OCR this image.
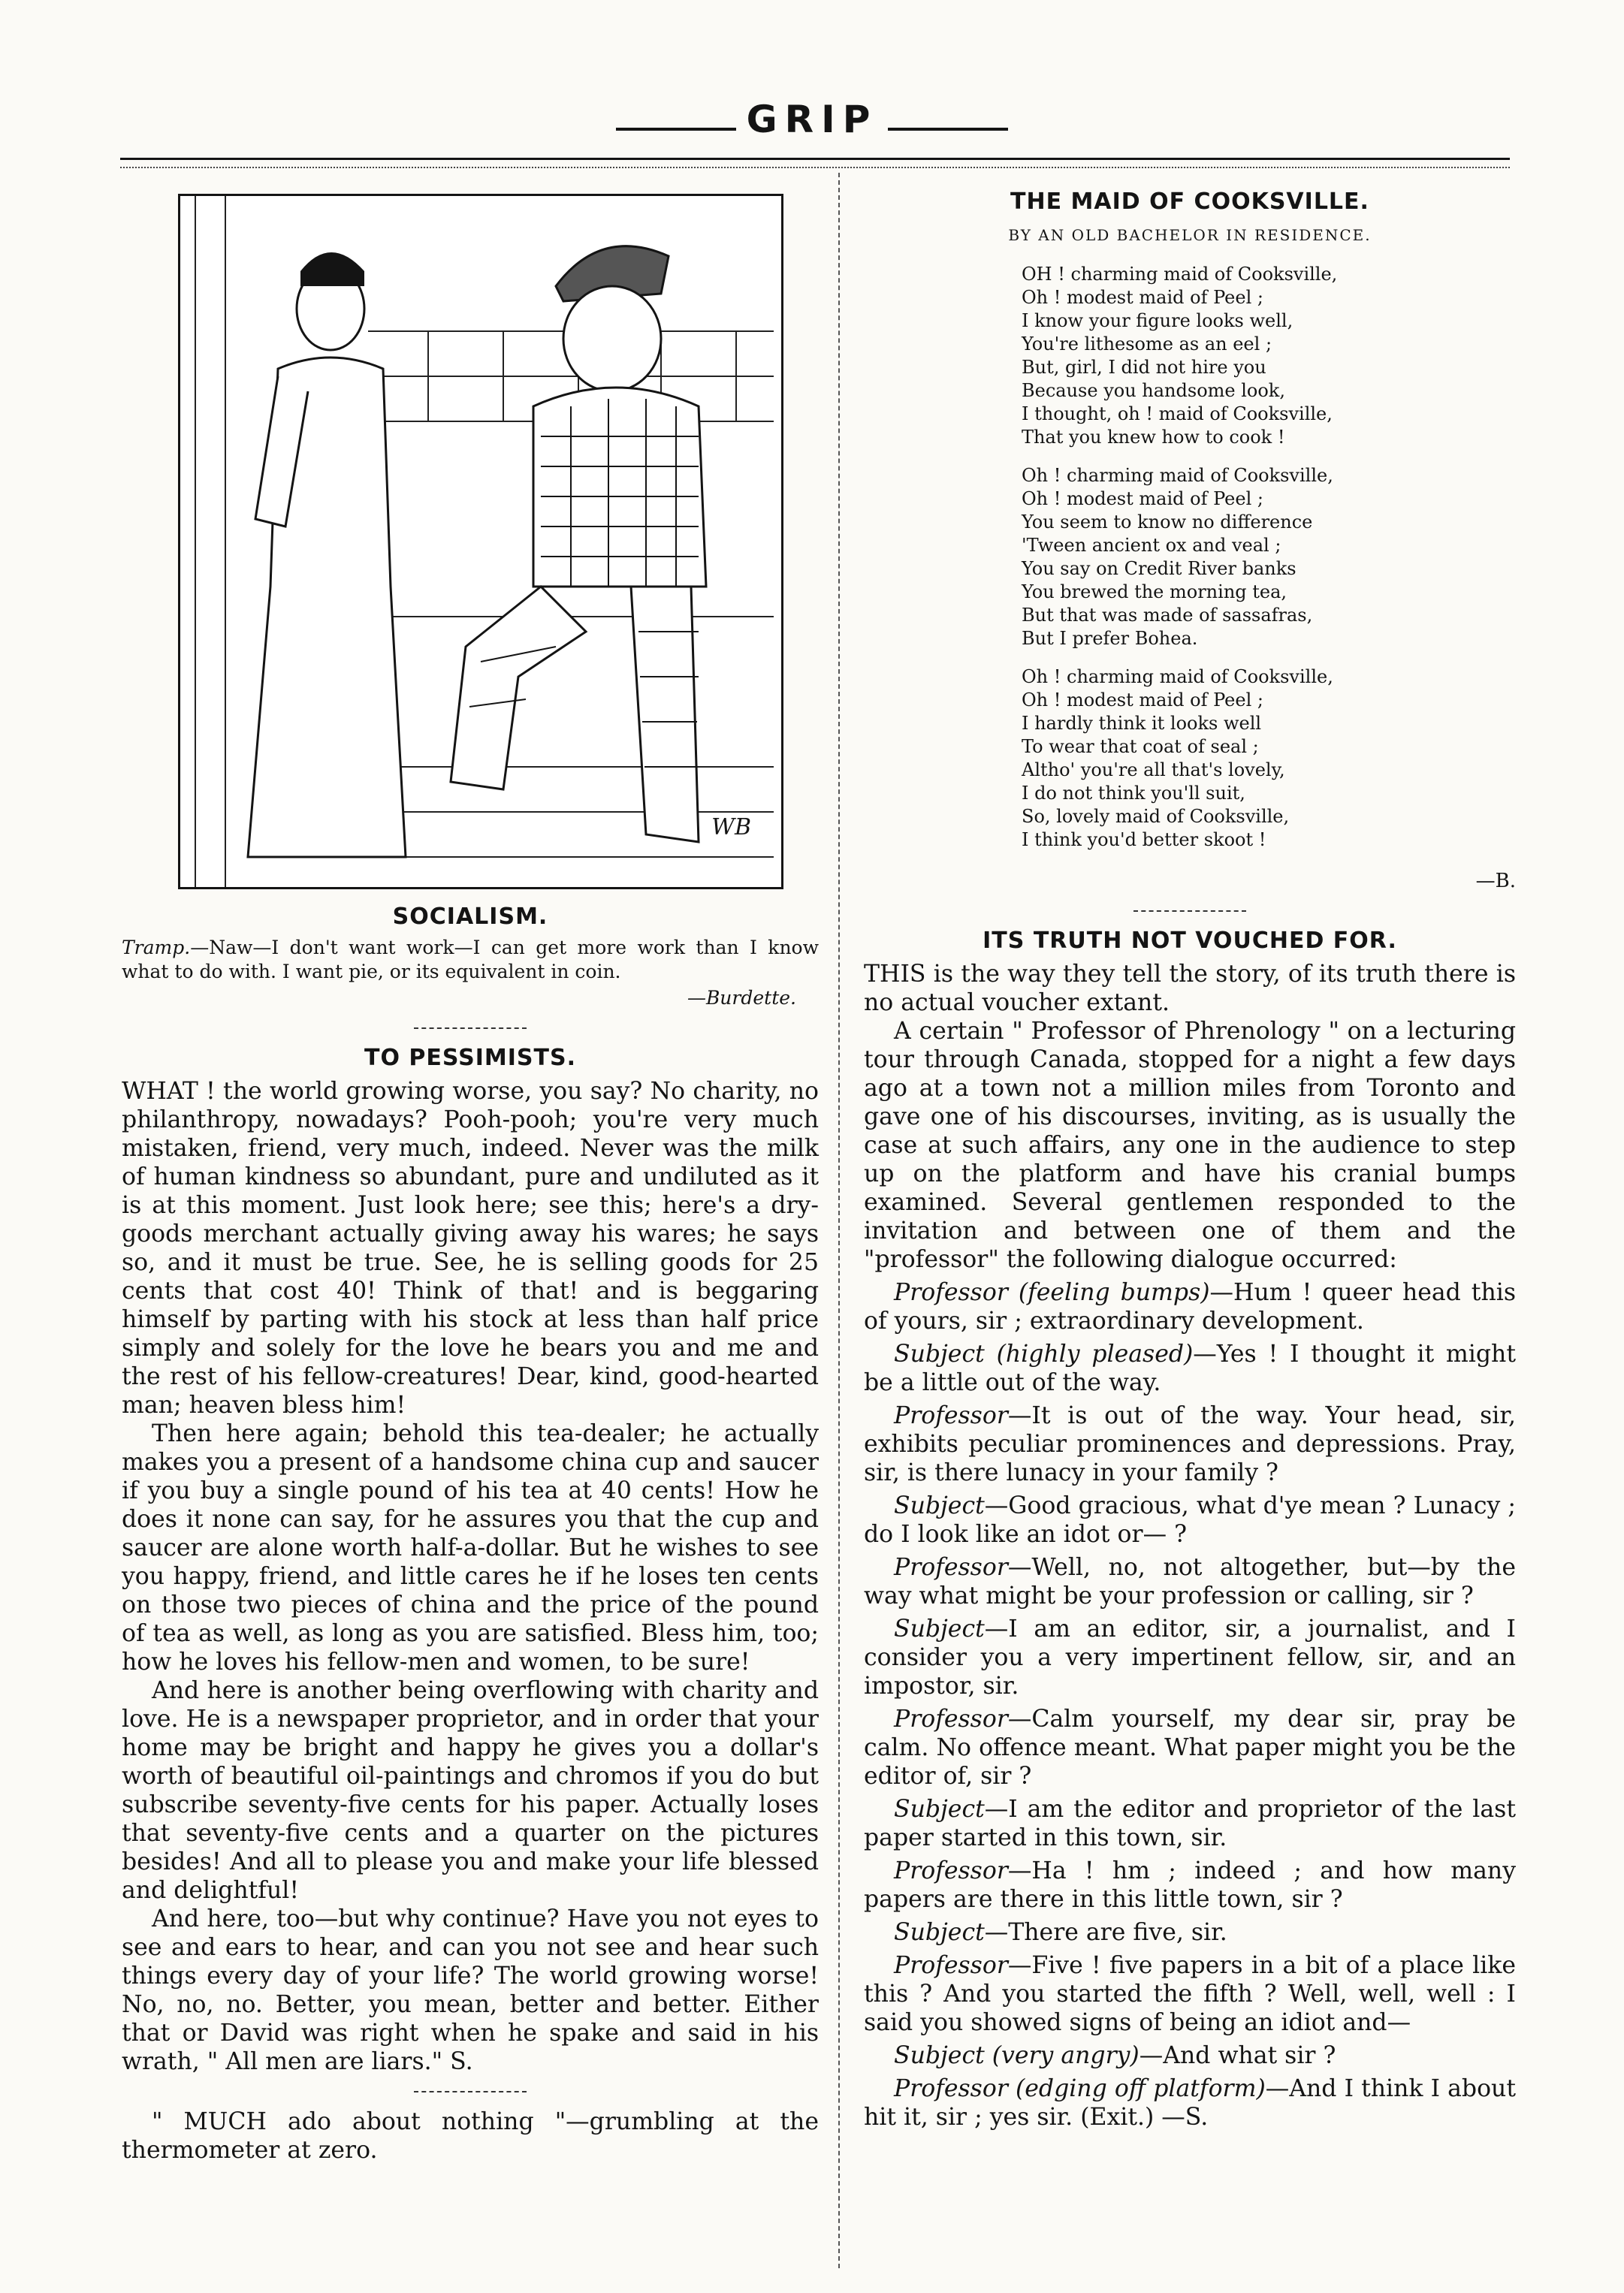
GRIP
WB
SOCIALISM.
Tramp.—Naw—I don't want work—I can get more work than I know what to do with. I want pie, or its equivalent in coin.
—Burdette.
TO PESSIMISTS.

WHAT ! the world growing worse, you say? No charity, no philanthropy, nowadays? Pooh-pooh; you're very much mistaken, friend, very much, indeed. Never was the milk of human kindness so abundant, pure and undiluted as it is at this moment. Just look here; see this; here's a dry-goods merchant actually giving away his wares; he says so, and it must be true. See, he is selling goods for 25 cents that cost 40! Think of that! and is beggaring himself by parting with his stock at less than half price simply and solely for the love he bears you and me and the rest of his fellow-creatures! Dear, kind, good-hearted man; heaven bless him!

Then here again; behold this tea-dealer; he actually makes you a present of a handsome china cup and saucer if you buy a single pound of his tea at 40 cents! How he does it none can say, for he assures you that the cup and saucer are alone worth half-a-dollar. But he wishes to see you happy, friend, and little cares he if he loses ten cents on those two pieces of china and the price of the pound of tea as well, as long as you are satisfied. Bless him, too; how he loves his fellow-men and women, to be sure!

And here is another being overflowing with charity and love. He is a newspaper proprietor, and in order that your home may be bright and happy he gives you a dollar's worth of beautiful oil-paintings and chromos if you do but subscribe seventy-five cents for his paper. Actually loses that seventy-five cents and a quarter on the pictures besides! And all to please you and make your life blessed and delightful!

And here, too—but why continue? Have you not eyes to see and ears to hear, and can you not see and hear such things every day of your life? The world growing worse! No, no, no. Better, you mean, better and better. Either that or David was right when he spake and said in his wrath, " All men are liars." S.

" MUCH ado about nothing "—grumbling at the thermometer at zero.

THE MAID OF COOKSVILLE.
BY AN OLD BACHELOR IN RESIDENCE.
OH ! charming maid of Cooksville,
Oh ! modest maid of Peel ;
I know your figure looks well,
You're lithesome as an eel ;
But, girl, I did not hire you
Because you handsome look,
I thought, oh ! maid of Cooksville,
That you knew how to cook !
Oh ! charming maid of Cooksville,
Oh ! modest maid of Peel ;
You seem to know no difference
'Tween ancient ox and veal ;
You say on Credit River banks
You brewed the morning tea,
But that was made of sassafras,
But I prefer Bohea.
Oh ! charming maid of Cooksville,
Oh ! modest maid of Peel ;
I hardly think it looks well
To wear that coat of seal ;
Altho' you're all that's lovely,
I do not think you'll suit,
So, lovely maid of Cooksville,
I think you'd better skoot !
—B.
ITS TRUTH NOT VOUCHED FOR.

THIS is the way they tell the story, of its truth there is no actual voucher extant.

A certain " Professor of Phrenology " on a lecturing tour through Canada, stopped for a night a few days ago at a town not a million miles from Toronto and gave one of his discourses, inviting, as is usually the case at such affairs, any one in the audience to step up on the platform and have his cranial bumps examined. Several gentlemen responded to the invitation and between one of them and the "professor" the following dialogue occurred:

Professor (feeling bumps)—Hum ! queer head this of yours, sir ; extraordinary development.

Subject (highly pleased)—Yes ! I thought it might be a little out of the way.

Professor—It is out of the way. Your head, sir, exhibits peculiar prominences and depressions. Pray, sir, is there lunacy in your family ?

Subject—Good gracious, what d'ye mean ? Lunacy ; do I look like an idot or— ?

Professor—Well, no, not altogether, but—by the way what might be your profession or calling, sir ?

Subject—I am an editor, sir, a journalist, and I consider you a very impertinent fellow, sir, and an impostor, sir.

Professor—Calm yourself, my dear sir, pray be calm. No offence meant. What paper might you be the editor of, sir ?

Subject—I am the editor and proprietor of the last paper started in this town, sir.

Professor—Ha ! hm ; indeed ; and how many papers are there in this little town, sir ?

Subject—There are five, sir.

Professor—Five ! five papers in a bit of a place like this ? And you started the fifth ? Well, well, well : I said you showed signs of being an idiot and—

Subject (very angry)—And what sir ?

Professor (edging off platform)—And I think I about hit it, sir ; yes sir. (Exit.) —S.
